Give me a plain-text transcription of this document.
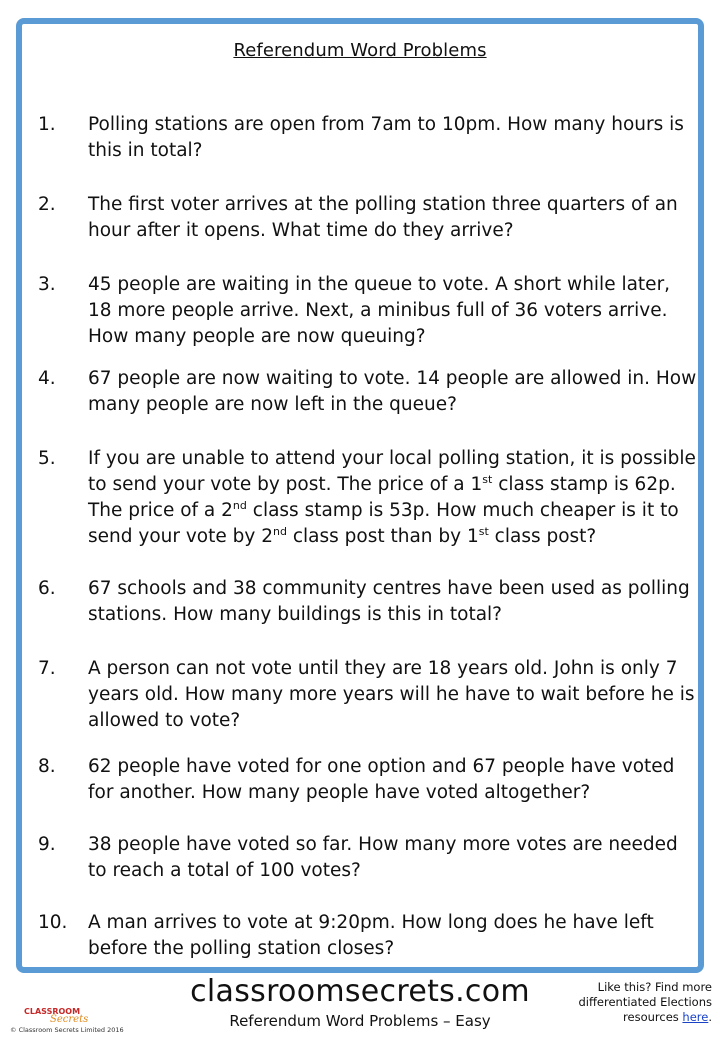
Referendum Word Problems
1.	Polling stations are open from 7am to 10pm. How many hours is this in total?
2.	The first voter arrives at the polling station three quarters of an hour after it opens. What time do they arrive?
3.	45 people are waiting in the queue to vote. A short while later, 18 more people arrive. Next, a minibus full of 36 voters arrive. How many people are now queuing?
4.	67 people are now waiting to vote. 14 people are allowed in. How many people are now left in the queue?
5.	If you are unable to attend your local polling station, it is possible to send your vote by post. The price of a 1st class stamp is 62p. The price of a 2nd class stamp is 53p. How much cheaper is it to send your vote by 2nd class post than by 1st class post?
6.	67 schools and 38 community centres have been used as polling stations. How many buildings is this in total?
7.	A person can not vote until they are 18 years old. John is only 7 years old. How many more years will he have to wait before he is allowed to vote?
8.	62 people have voted for one option and 67 people have voted for another. How many people have voted altogether?
9.	38 people have voted so far. How many more votes are needed to reach a total of 100 votes?
10.	A man arrives to vote at 9:20pm. How long does he have left before the polling station closes?
CLASSROOM
Secrets
© Classroom Secrets Limited 2016
classroomsecrets.com
Referendum Word Problems – Easy
Like this? Find more
differentiated Elections
resources here.
